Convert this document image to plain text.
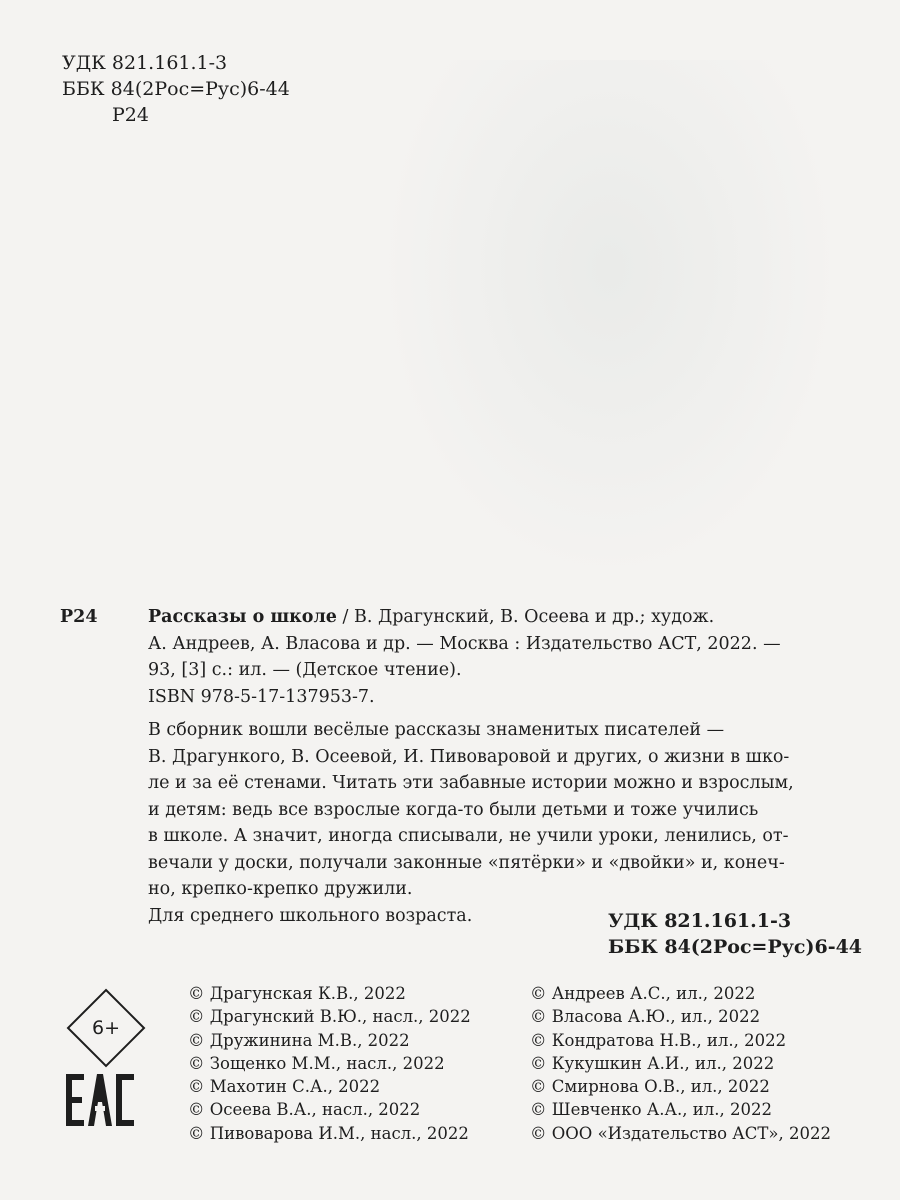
УДК 821.161.1-3
ББК 84(2Рос=Рус)6-44
Р24
Р24	Рассказы о школе / В. Драгунский, В. Осеева и др.; худож.
А. Андреев, А. Власова и др. — Москва : Издательство АСТ, 2022. —
93, [3] с.: ил. — (Детское чтение).
ISBN 978-5-17-137953-7.
В сборник вошли весёлые рассказы знаменитых писателей —
В. Драгункого, В. Осеевой, И. Пивоваровой и других, о жизни в шко-
ле и за её стенами. Читать эти забавные истории можно и взрослым,
и детям: ведь все взрослые когда-то были детьми и тоже учились
в школе. А значит, иногда списывали, не учили уроки, ленились, от-
вечали у доски, получали законные «пятёрки» и «двойки» и, конеч-
но, крепко-крепко дружили.
Для среднего школьного возраста.	УДК 821.161.1-3
ББК 84(2Рос=Рус)6-44
6+
© Драгунская К.В., 2022
© Драгунский В.Ю., насл., 2022
© Дружинина М.В., 2022
© Зощенко М.М., насл., 2022
© Махотин С.А., 2022
© Осеева В.А., насл., 2022
© Пивоварова И.М., насл., 2022
© Андреев А.С., ил., 2022
© Власова А.Ю., ил., 2022
© Кондратова Н.В., ил., 2022
© Кукушкин А.И., ил., 2022
© Смирнова О.В., ил., 2022
© Шевченко А.А., ил., 2022
© ООО «Издательство АСТ», 2022
